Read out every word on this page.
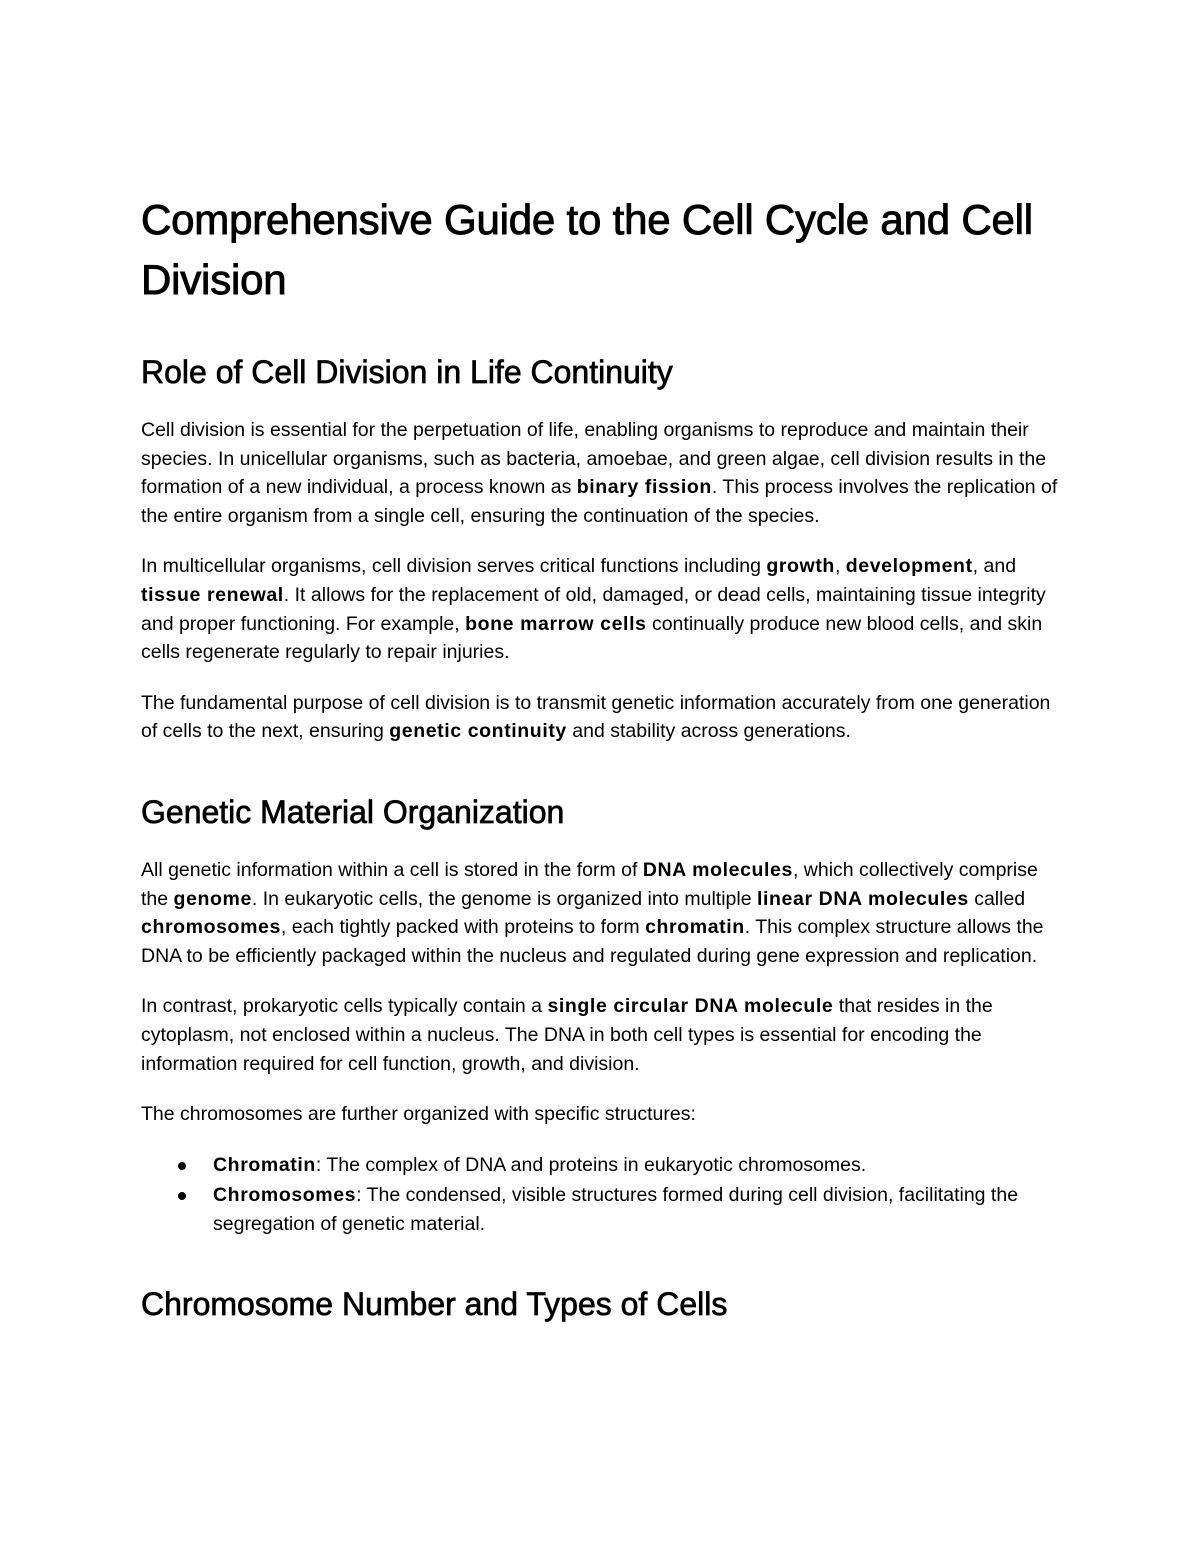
Comprehensive Guide to the Cell Cycle and Cell Division
Role of Cell Division in Life Continuity

Cell division is essential for the perpetuation of life, enabling organisms to reproduce and maintain their species. In unicellular organisms, such as bacteria, amoebae, and green algae, cell division results in the formation of a new individual, a process known as binary fission. This process involves the replication of the entire organism from a single cell, ensuring the continuation of the species.

In multicellular organisms, cell division serves critical functions including growth, development, and tissue renewal. It allows for the replacement of old, damaged, or dead cells, maintaining tissue integrity and proper functioning. For example, bone marrow cells continually produce new blood cells, and skin cells regenerate regularly to repair injuries.

The fundamental purpose of cell division is to transmit genetic information accurately from one generation of cells to the next, ensuring genetic continuity and stability across generations.

Genetic Material Organization

All genetic information within a cell is stored in the form of DNA molecules, which collectively comprise the genome. In eukaryotic cells, the genome is organized into multiple linear DNA molecules called chromosomes, each tightly packed with proteins to form chromatin. This complex structure allows the DNA to be efficiently packaged within the nucleus and regulated during gene expression and replication.

In contrast, prokaryotic cells typically contain a single circular DNA molecule that resides in the cytoplasm, not enclosed within a nucleus. The DNA in both cell types is essential for encoding the information required for cell function, growth, and division.

The chromosomes are further organized with specific structures:

Chromatin: The complex of DNA and proteins in eukaryotic chromosomes.
Chromosomes: The condensed, visible structures formed during cell division, facilitating the segregation of genetic material.
Chromosome Number and Types of Cells
